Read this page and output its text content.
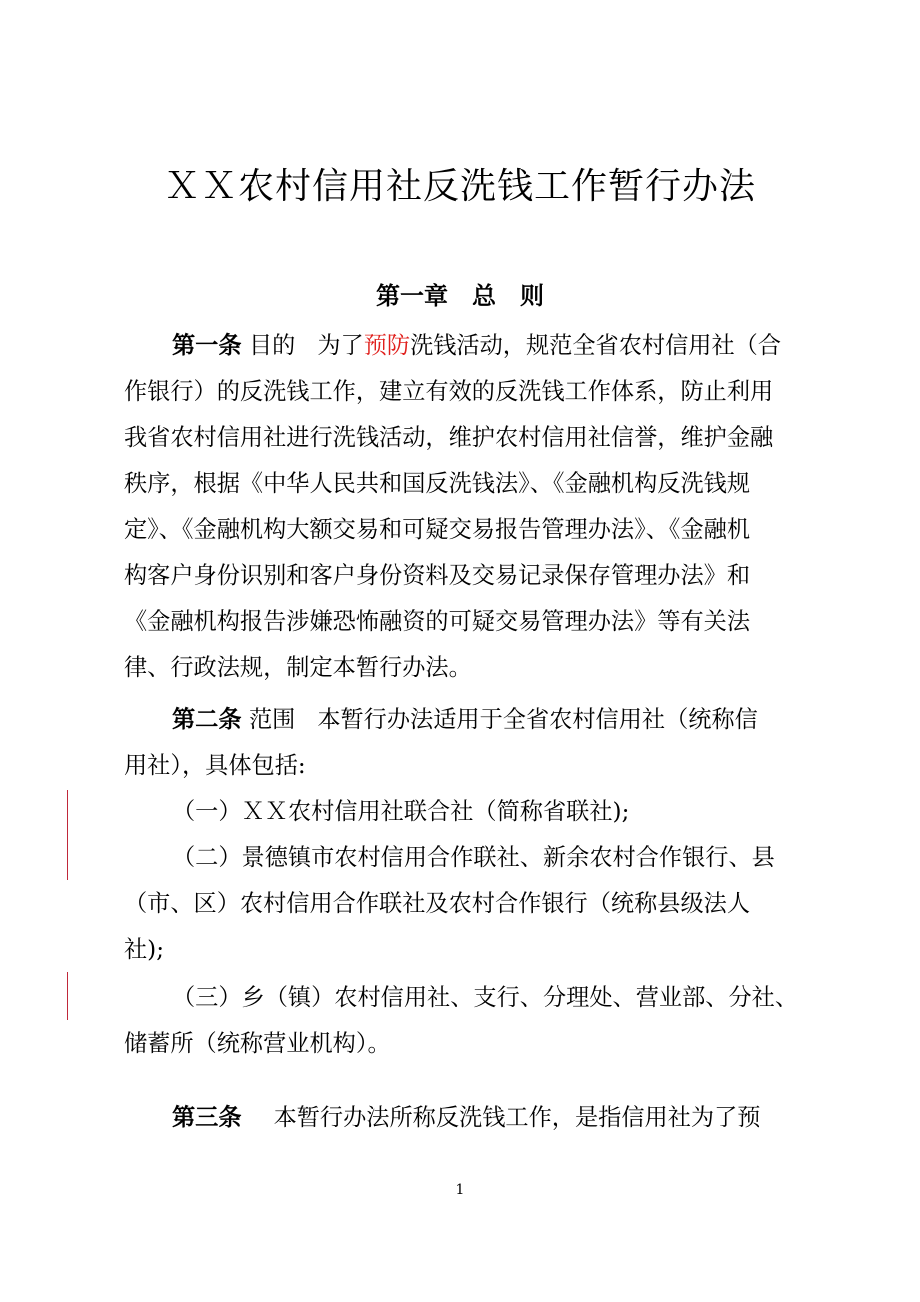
ＸＸ农村信用社反洗钱工作暂行办法
第一章　总　则
第一条 目的 为了预防洗钱活动，规范全省农村信用社（合
作银行）的反洗钱工作，建立有效的反洗钱工作体系，防止利用
我省农村信用社进行洗钱活动，维护农村信用社信誉，维护金融
秩序，根据《中华人民共和国反洗钱法》、《金融机构反洗钱规
定》、《金融机构大额交易和可疑交易报告管理办法》、《金融机
构客户身份识别和客户身份资料及交易记录保存管理办法》和
《金融机构报告涉嫌恐怖融资的可疑交易管理办法》等有关法
律、行政法规，制定本暂行办法。
第二条 范围 本暂行办法适用于全省农村信用社（统称信
用社），具体包括:
（一）ＸＸ农村信用社联合社（简称省联社);
（二）景德镇市农村信用合作联社、新余农村合作银行、县
（市、区）农村信用合作联社及农村合作银行（统称县级法人
社);
（三）乡（镇）农村信用社、支行、分理处、营业部、分社、
储蓄所（统称营业机构）。
第三条 本暂行办法所称反洗钱工作，是指信用社为了预
1
